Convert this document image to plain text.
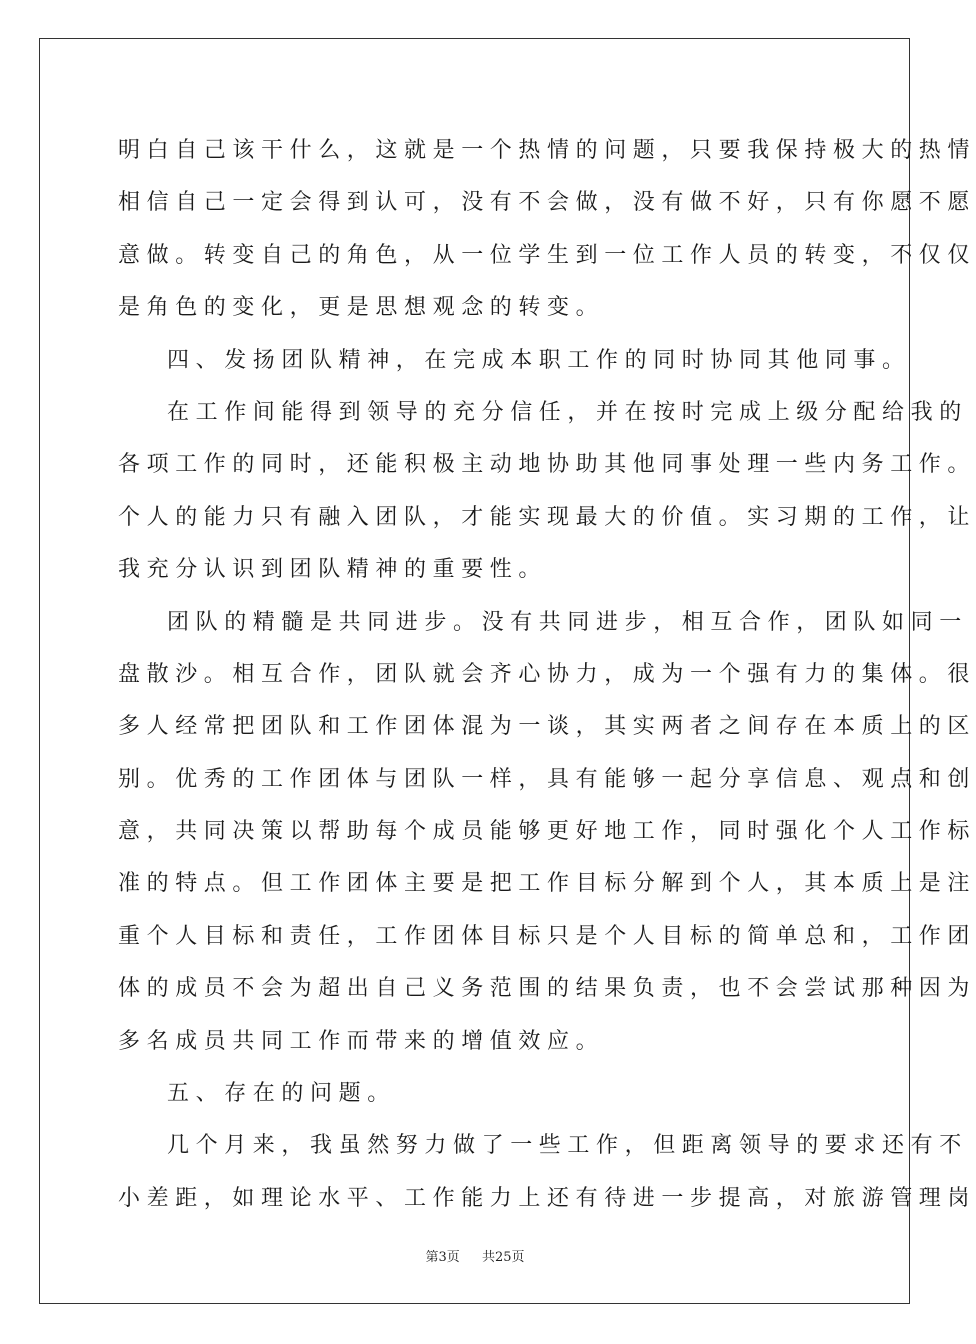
明白自己该干什么，这就是一个热情的问题，只要我保持极大的热情
相信自己一定会得到认可，没有不会做，没有做不好，只有你愿不愿
意做。转变自己的角色，从一位学生到一位工作人员的转变，不仅仅
是角色的变化，更是思想观念的转变。
四、发扬团队精神，在完成本职工作的同时协同其他同事。
在工作间能得到领导的充分信任，并在按时完成上级分配给我的
各项工作的同时，还能积极主动地协助其他同事处理一些内务工作。
个人的能力只有融入团队，才能实现最大的价值。实习期的工作，让
我充分认识到团队精神的重要性。
团队的精髓是共同进步。没有共同进步，相互合作，团队如同一
盘散沙。相互合作，团队就会齐心协力，成为一个强有力的集体。很
多人经常把团队和工作团体混为一谈，其实两者之间存在本质上的区
别。优秀的工作团体与团队一样，具有能够一起分享信息、观点和创
意，共同决策以帮助每个成员能够更好地工作，同时强化个人工作标
准的特点。但工作团体主要是把工作目标分解到个人，其本质上是注
重个人目标和责任，工作团体目标只是个人目标的简单总和，工作团
体的成员不会为超出自己义务范围的结果负责，也不会尝试那种因为
多名成员共同工作而带来的增值效应。
五、存在的问题。
几个月来，我虽然努力做了一些工作，但距离领导的要求还有不
小差距，如理论水平、工作能力上还有待进一步提高，对旅游管理岗
第3页 共25页
